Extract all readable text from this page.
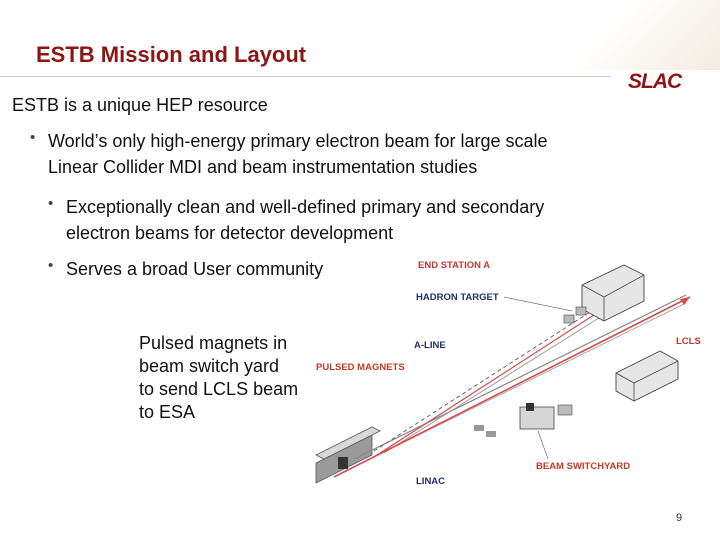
ESTB Mission and Layout
SLAC
ESTB is a unique HEP resource
• World’s only high-energy primary electron beam for large scale
Linear Collider MDI and beam instrumentation studies
• Exceptionally clean and well-defined primary and secondary
electron beams for detector development
• Serves a broad User community
Pulsed magnets in
beam switch yard
to send LCLS beam
to ESA
END STATION A
HADRON TARGET
A-LINE
PULSED MAGNETS
LCLS
BEAM SWITCHYARD
LINAC
9
